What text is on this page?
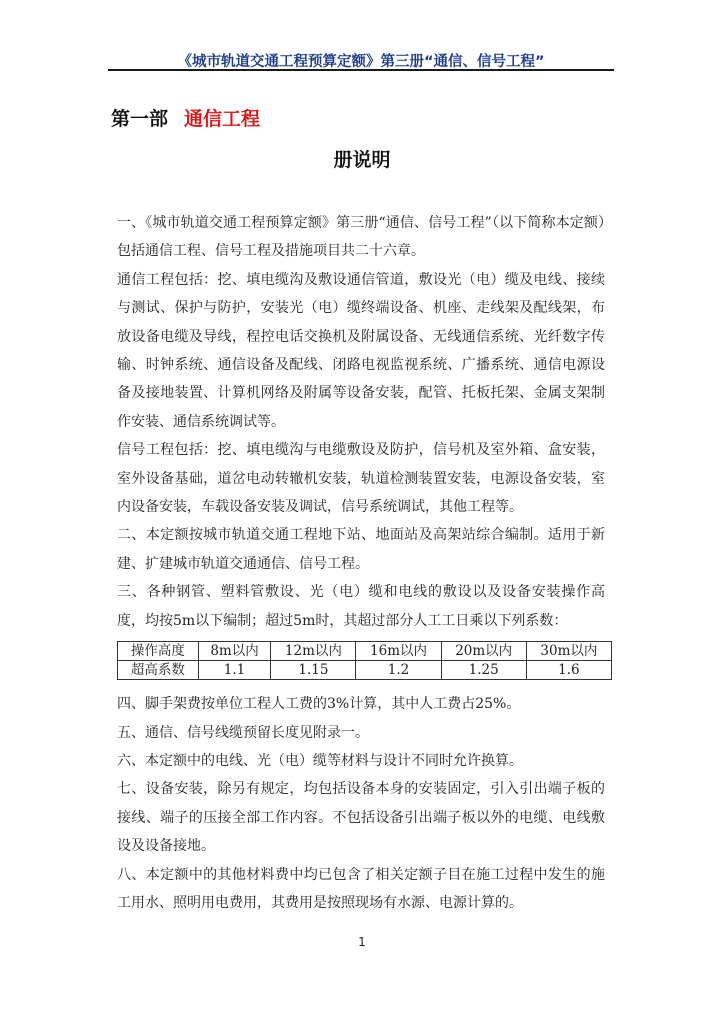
《城市轨道交通工程预算定额》第三册“通信、信号工程”
第一部 通信工程
册说明

一、《城市轨道交通工程预算定额》第三册“通信、信号工程”（以下简称本定额）包括通信工程、信号工程及措施项目共二十六章。

通信工程包括：挖、填电缆沟及敷设通信管道，敷设光（电）缆及电线、接续与测试、保护与防护，安装光（电）缆终端设备、机座、走线架及配线架，布放设备电缆及导线，程控电话交换机及附属设备、无线通信系统、光纤数字传输、时钟系统、通信设备及配线、闭路电视监视系统、广播系统、通信电源设备及接地装置、计算机网络及附属等设备安装，配管、托板托架、金属支架制作安装、通信系统调试等。

信号工程包括：挖、填电缆沟与电缆敷设及防护，信号机及室外箱、盒安装，室外设备基础，道岔电动转辙机安装，轨道检测装置安装，电源设备安装，室内设备安装，车载设备安装及调试，信号系统调试，其他工程等。

二、本定额按城市轨道交通工程地下站、地面站及高架站综合编制。适用于新建、扩建城市轨道交通通信、信号工程。

三、各种钢管、塑料管敷设、光（电）缆和电线的敷设以及设备安装操作高度，均按5m以下编制；超过5m时，其超过部分人工工日乘以下列系数：

操作高度	8m以内	12m以内	16m以内	20m以内	30m以内
超高系数	1.1	1.15	1.2	1.25	1.6

四、脚手架费按单位工程人工费的3%计算，其中人工费占25%。

五、通信、信号线缆预留长度见附录一。

六、本定额中的电线、光（电）缆等材料与设计不同时允许换算。

七、设备安装，除另有规定，均包括设备本身的安装固定，引入引出端子板的接线、端子的压接全部工作内容。不包括设备引出端子板以外的电缆、电线敷设及设备接地。

八、本定额中的其他材料费中均已包含了相关定额子目在施工过程中发生的施工用水、照明用电费用，其费用是按照现场有水源、电源计算的。

1
